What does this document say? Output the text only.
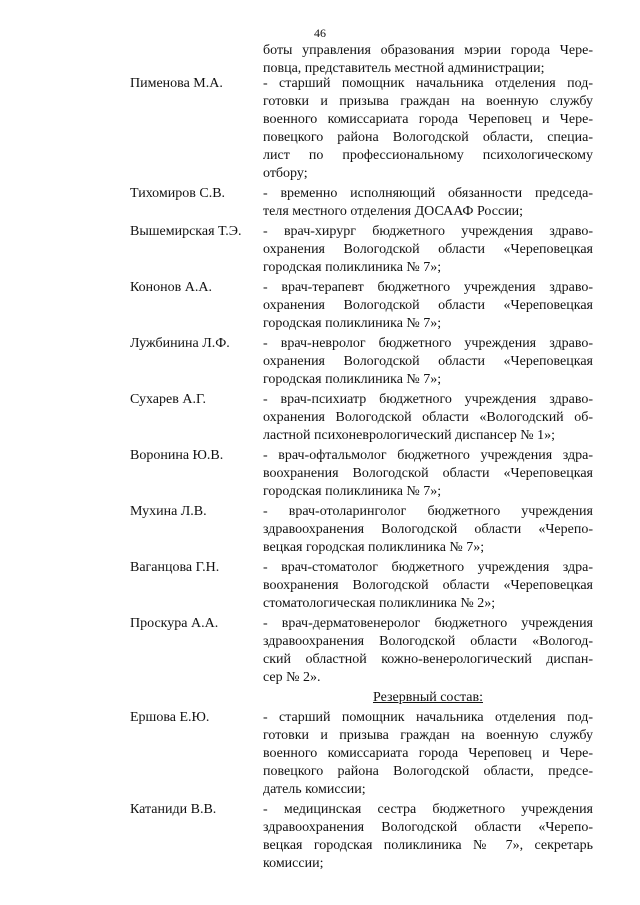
46
боты управления образования мэрии города Чере-
повца, представитель местной администрации;
Пименова М.А.	- старший помощник начальника отделения под-
готовки и призыва граждан на военную службу
военного комиссариата города Череповец и Чере-
повецкого района Вологодской области, специа-
лист по профессиональному психологическому
отбору;
Тихомиров С.В.	- временно исполняющий обязанности председа-
теля местного отделения ДОСААФ России;
Вышемирская Т.Э. - врач-хирург бюджетного учреждения здраво-
охранения Вологодской области «Череповецкая
городская поликлиника № 7»;
Кононов А.А.	- врач-терапевт бюджетного учреждения здраво-
охранения Вологодской области «Череповецкая
городская поликлиника № 7»;
Лужбинина Л.Ф. - врач-невролог бюджетного учреждения здраво-
охранения Вологодской области «Череповецкая
городская поликлиника № 7»;
Сухарев А.Г.	- врач-психиатр бюджетного учреждения здраво-
охранения Вологодской области «Вологодский об-
ластной психоневрологический диспансер № 1»;
Воронина Ю.В.	- врач-офтальмолог бюджетного учреждения здра-
воохранения Вологодской области «Череповецкая
городская поликлиника № 7»;
Мухина Л.В.	- врач-отоларинголог бюджетного учреждения
здравоохранения Вологодской области «Черепо-
вецкая городская поликлиника № 7»;
Ваганцова Г.Н.	- врач-стоматолог бюджетного учреждения здра-
воохранения Вологодской области «Череповецкая
стоматологическая поликлиника № 2»;
Проскура А.А.	- врач-дерматовенеролог бюджетного учреждения
здравоохранения Вологодской области «Вологод-
ский областной кожно-венерологический диспан-
сер № 2».
Резервный состав:
Ершова Е.Ю.	- старший помощник начальника отделения под-
готовки и призыва граждан на военную службу
военного комиссариата города Череповец и Чере-
повецкого района Вологодской области, предсе-
датель комиссии;
Катаниди В.В.	- медицинская сестра бюджетного учреждения
здравоохранения Вологодской области «Черепо-
вецкая городская поликлиника № 7», секретарь
комиссии;
